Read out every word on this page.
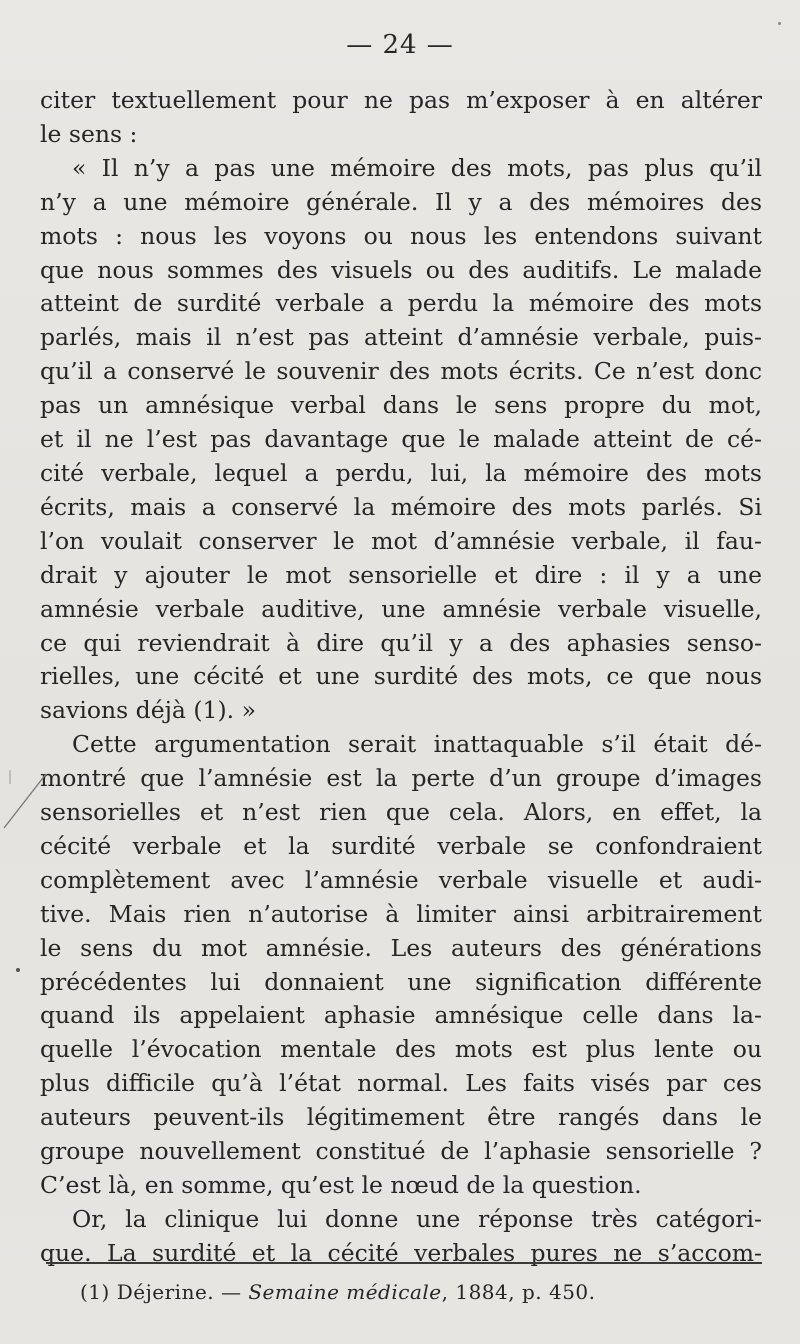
— 24 —
citer textuellement pour ne pas m’exposer à en altérer
le sens :
« Il n’y a pas une mémoire des mots, pas plus qu’il
n’y a une mémoire générale. Il y a des mémoires des
mots : nous les voyons ou nous les entendons suivant
que nous sommes des visuels ou des auditifs. Le malade
atteint de surdité verbale a perdu la mémoire des mots
parlés, mais il n’est pas atteint d’amnésie verbale, puis-
qu’il a conservé le souvenir des mots écrits. Ce n’est donc
pas un amnésique verbal dans le sens propre du mot,
et il ne l’est pas davantage que le malade atteint de cé-
cité verbale, lequel a perdu, lui, la mémoire des mots
écrits, mais a conservé la mémoire des mots parlés. Si
l’on voulait conserver le mot d’amnésie verbale, il fau-
drait y ajouter le mot sensorielle et dire : il y a une
amnésie verbale auditive, une amnésie verbale visuelle,
ce qui reviendrait à dire qu’il y a des aphasies senso-
rielles, une cécité et une surdité des mots, ce que nous
savions déjà (1). »
Cette argumentation serait inattaquable s’il était dé-
montré que l’amnésie est la perte d’un groupe d’images
sensorielles et n’est rien que cela. Alors, en effet, la
cécité verbale et la surdité verbale se confondraient
complètement avec l’amnésie verbale visuelle et audi-
tive. Mais rien n’autorise à limiter ainsi arbitrairement
le sens du mot amnésie. Les auteurs des générations
précédentes lui donnaient une signification différente
quand ils appelaient aphasie amnésique celle dans la-
quelle l’évocation mentale des mots est plus lente ou
plus difficile qu’à l’état normal. Les faits visés par ces
auteurs peuvent-ils légitimement être rangés dans le
groupe nouvellement constitué de l’aphasie sensorielle ?
C’est là, en somme, qu’est le nœud de la question.
Or, la clinique lui donne une réponse très catégori-
que. La surdité et la cécité verbales pures ne s’accom-
(1) Déjerine. — Semaine médicale, 1884, p. 450.
